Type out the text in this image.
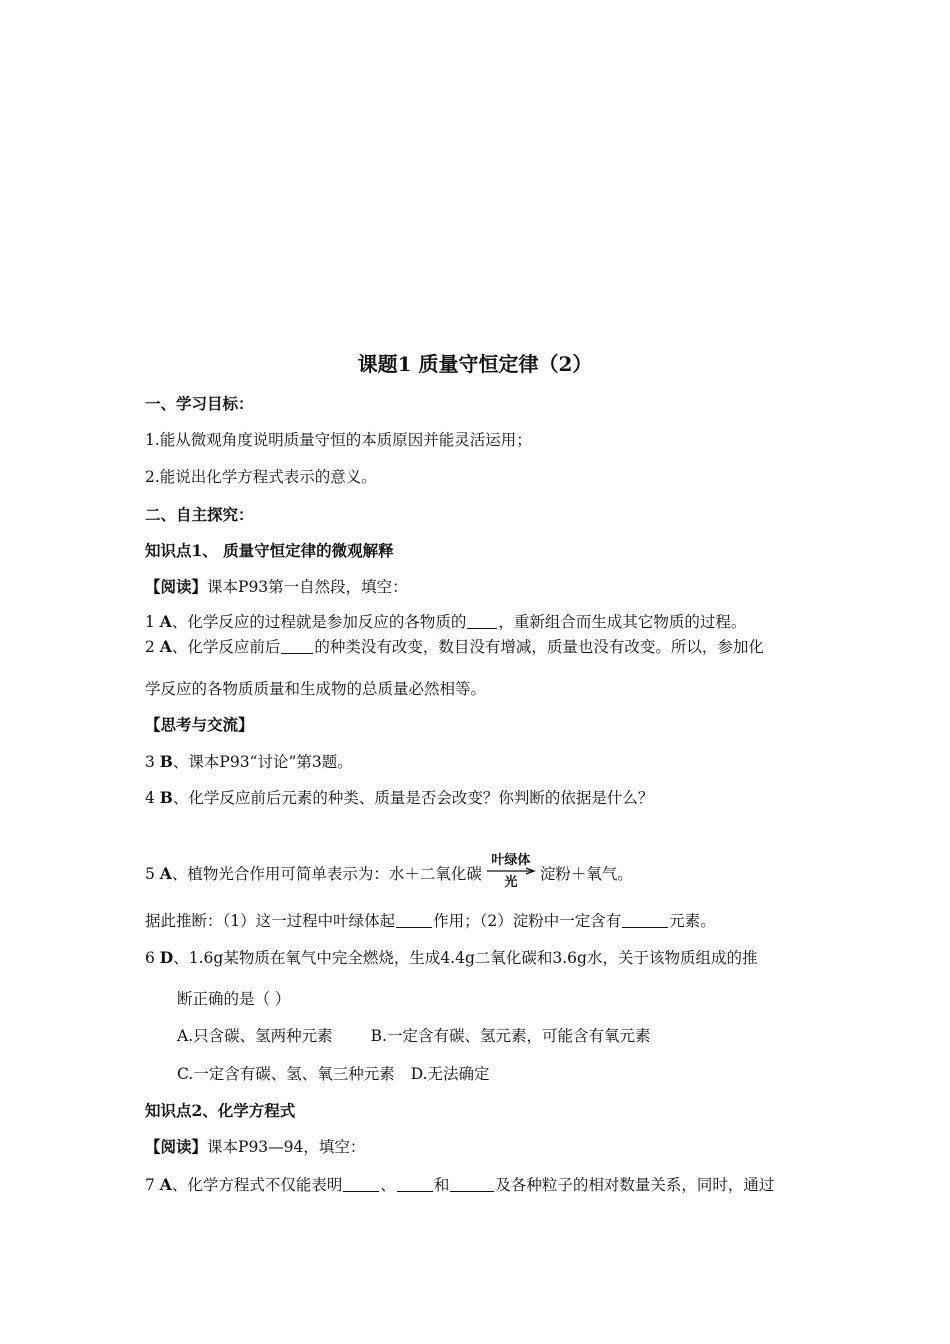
课题1 质量守恒定律（2）
一、学习目标：
1.能从微观角度说明质量守恒的本质原因并能灵活运用；
2.能说出化学方程式表示的意义。
二、自主探究：
知识点1、 质量守恒定律的微观解释
【阅读】课本P93第一自然段，填空：
1 A、化学反应的过程就是参加反应的各物质的 ，重新组合而生成其它物质的过程。
2 A、化学反应前后 的种类没有改变，数目没有增减，质量也没有改变。所以，参加化
学反应的各物质质量和生成物的总质量必然相等。
【思考与交流】
3 B、课本P93“讨论”第3题。
4 B、化学反应前后元素的种类、质量是否会改变？你判断的依据是什么？
5 A、植物光合作用可简单表示为：水＋二氧化碳
叶绿体
光	淀粉＋氧气。
据此推断：（1）这一过程中叶绿体起 作用；（2）淀粉中一定含有	元素。
6 D、1.6g某物质在氧气中完全燃烧，生成4.4g二氧化碳和3.6g水，关于该物质组成的推
断正确的是（ ）
A.只含碳、氢两种元素 B.一定含有碳、氢元素，可能含有氧元素
C.一定含有碳、氢、氧三种元素 D.无法确定
知识点2、化学方程式
【阅读】课本P93—94，填空：
7 A、化学方程式不仅能表明 、 和	及各种粒子的相对数量关系，同时，通过
